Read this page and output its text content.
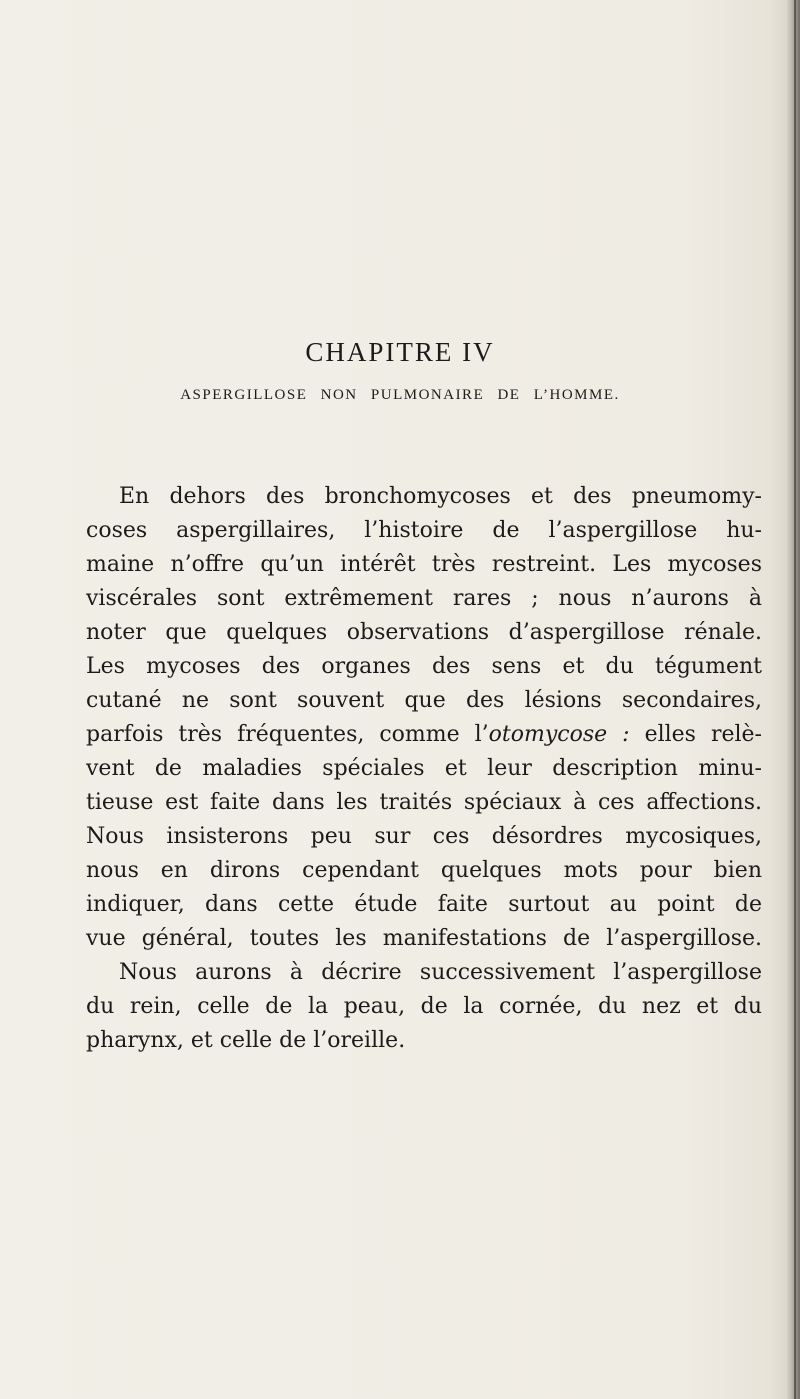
CHAPITRE IV
ASPERGILLOSE NON PULMONAIRE DE L’HOMME.
En dehors des bronchomycoses et des pneumomy-
coses aspergillaires, l’histoire de l’aspergillose hu-
maine n’offre qu’un intérêt très restreint. Les mycoses
viscérales sont extrêmement rares ; nous n’aurons à
noter que quelques observations d’aspergillose rénale.
Les mycoses des organes des sens et du tégument
cutané ne sont souvent que des lésions secondaires,
parfois très fréquentes, comme l’otomycose : elles relè-
vent de maladies spéciales et leur description minu-
tieuse est faite dans les traités spéciaux à ces affections.
Nous insisterons peu sur ces désordres mycosiques,
nous en dirons cependant quelques mots pour bien
indiquer, dans cette étude faite surtout au point de
vue général, toutes les manifestations de l’aspergillose.
Nous aurons à décrire successivement l’aspergillose
du rein, celle de la peau, de la cornée, du nez et du
pharynx, et celle de l’oreille.
